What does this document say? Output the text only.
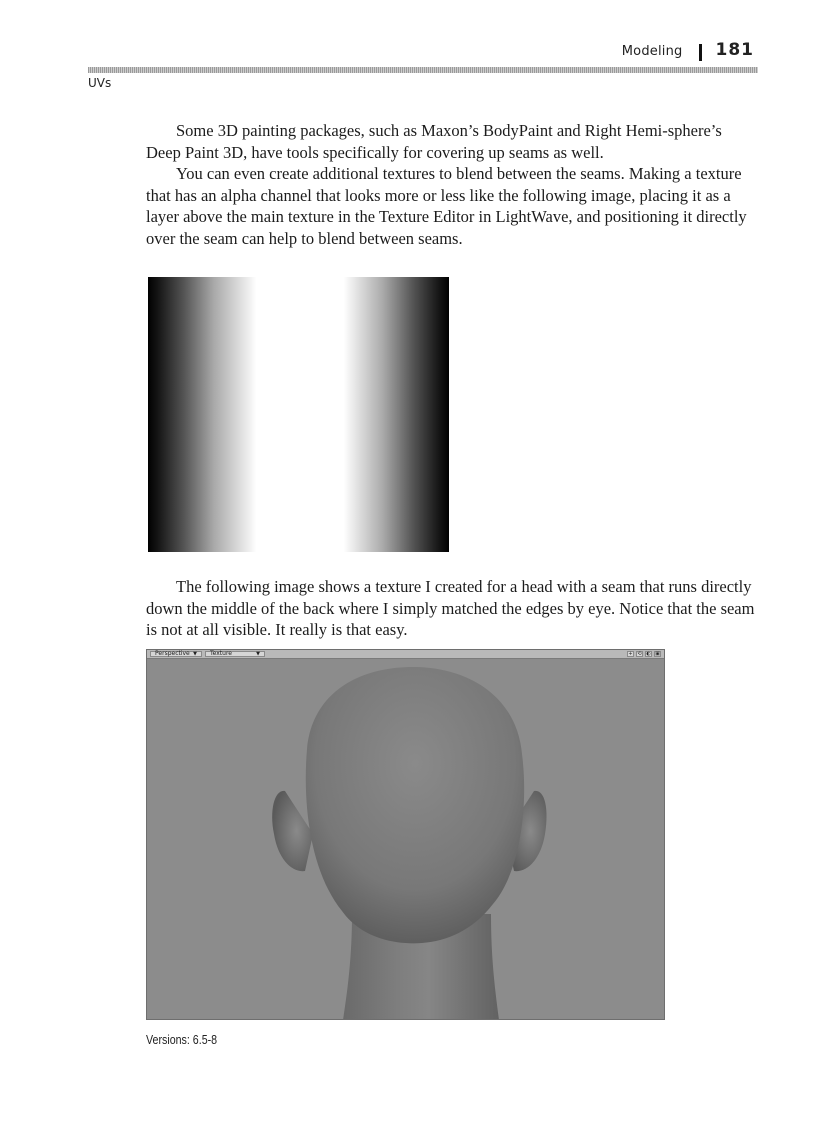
Modeling 181
UVs

Some 3D painting packages, such as Maxon’s BodyPaint and Right Hemi-sphere’s Deep Paint 3D, have tools specifically for covering up seams as well.

You can even create additional textures to blend between the seams. Making a texture that has an alpha channel that looks more or less like the following image, placing it as a layer above the main texture in the Texture Editor in LightWave, and positioning it directly over the seam can help to blend between seams.

The following image shows a texture I created for a head with a seam that runs directly down the middle of the back where I simply matched the edges by eye. Notice that the seam is not at all visible. It really is that easy.

Perspective ▼ Texture	▼	+ ⟲ ◐ ▣
Versions: 6.5-8
